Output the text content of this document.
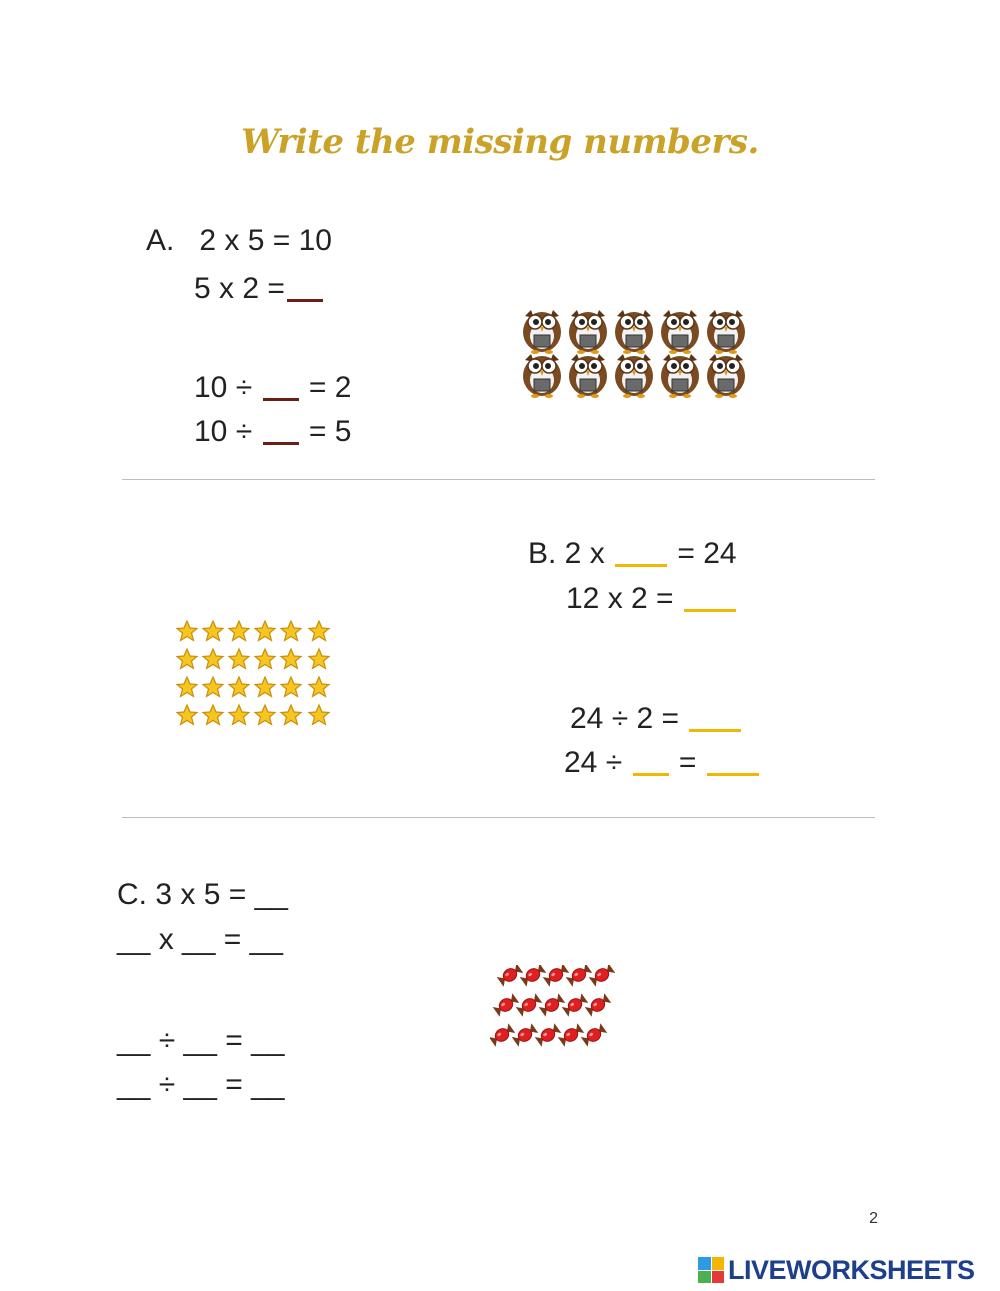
Write the missing numbers.
A. 2 x 5 = 10
5 x 2 =
10 ÷ = 2
10 ÷ = 5
B. 2 x = 24
12 x 2 =
24 ÷ 2 =
24 ÷ =
C. 3 x 5 = __
__ x __ = __
__ ÷ __ = __
__ ÷ __ = __
2
LIVEWORKSHEETS
